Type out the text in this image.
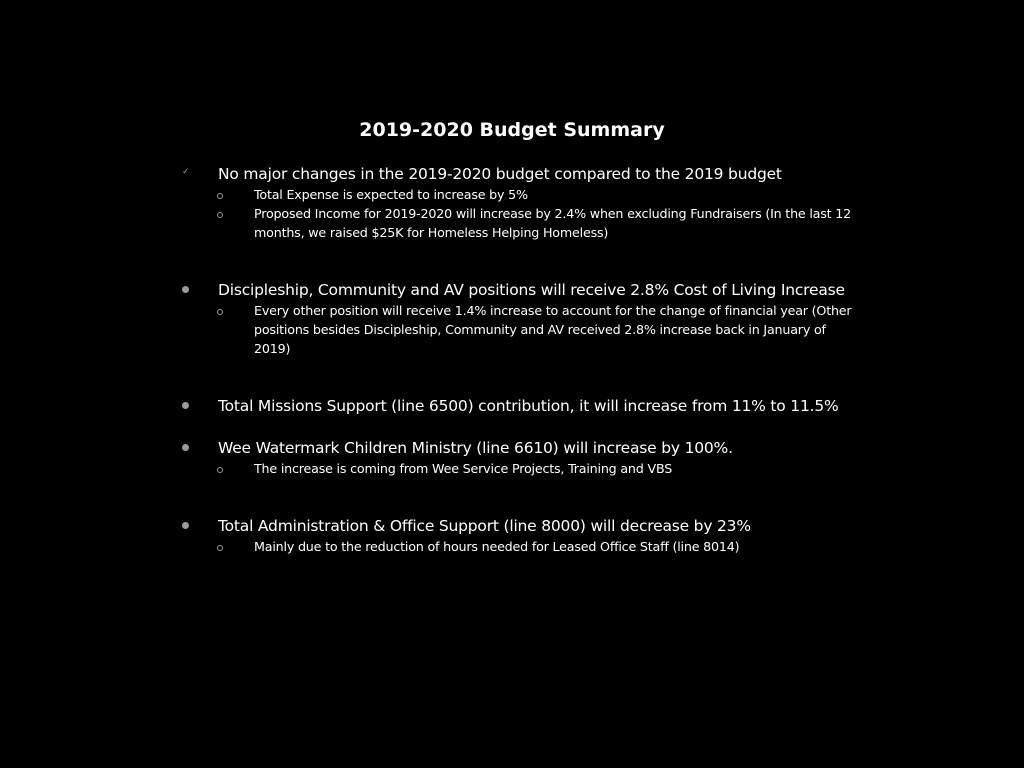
2019-2020 Budget Summary
✓ No major changes in the 2019-2020 budget compared to the 2019 budget
Total Expense is expected to increase by 5%
Proposed Income for 2019-2020 will increase by 2.4% when excluding Fundraisers (In the last 12 months, we raised $25K for Homeless Helping Homeless)
Discipleship, Community and AV positions will receive 2.8% Cost of Living Increase
Every other position will receive 1.4% increase to account for the change of financial year (Other positions besides Discipleship, Community and AV received 2.8% increase back in January of 2019)
Total Missions Support (line 6500) contribution, it will increase from 11% to 11.5%
Wee Watermark Children Ministry (line 6610) will increase by 100%.
The increase is coming from Wee Service Projects, Training and VBS
Total Administration & Office Support (line 8000) will decrease by 23%
Mainly due to the reduction of hours needed for Leased Office Staff (line 8014)
